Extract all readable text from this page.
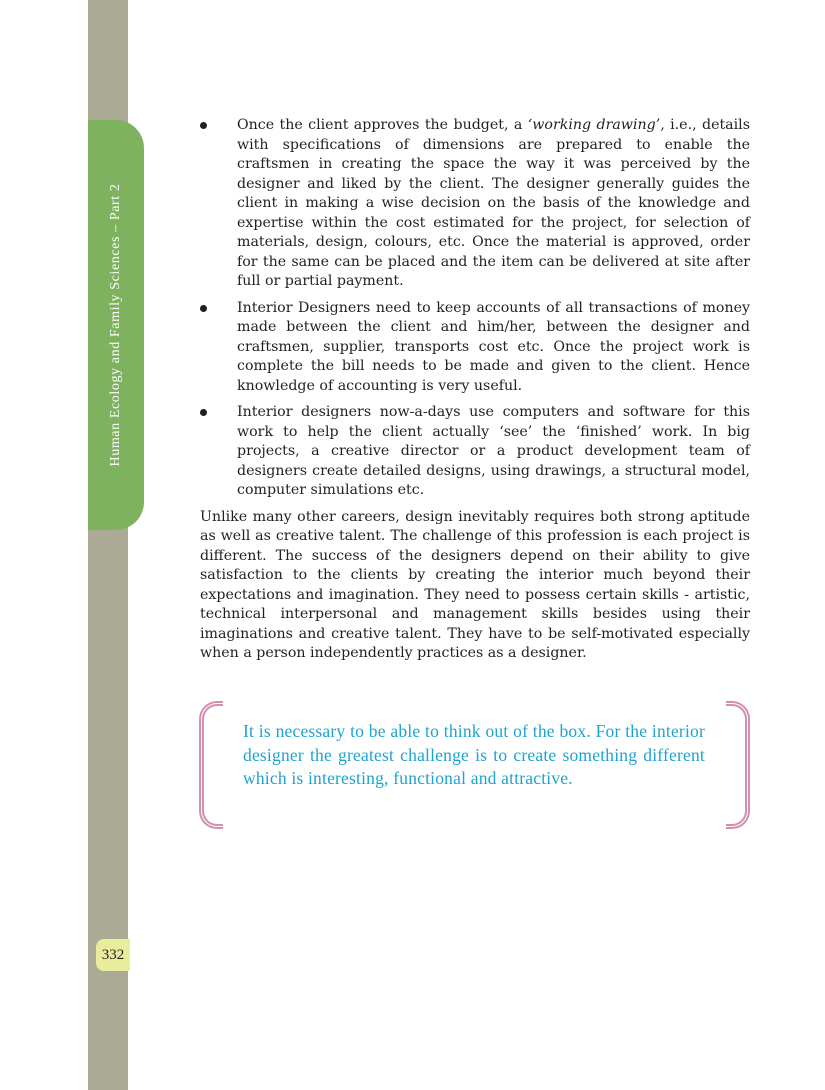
Human Ecology and Family Sciences – Part 2
332
Once the client approves the budget, a ‘working drawing’, i.e., details with specifications of dimensions are prepared to enable the craftsmen in creating the space the way it was perceived by the designer and liked by the client. The designer generally guides the client in making a wise decision on the basis of the knowledge and expertise within the cost estimated for the project, for selection of materials, design, colours, etc. Once the material is approved, order for the same can be placed and the item can be delivered at site after full or partial payment.
Interior Designers need to keep accounts of all transactions of money made between the client and him/her, between the designer and craftsmen, supplier, transports cost etc. Once the project work is complete the bill needs to be made and given to the client. Hence knowledge of accounting is very useful.
Interior designers now-a-days use computers and software for this work to help the client actually ‘see’ the ‘finished’ work. In big projects, a creative director or a product development team of designers create detailed designs, using drawings, a structural model, computer simulations etc.

Unlike many other careers, design inevitably requires both strong aptitude as well as creative talent. The challenge of this profession is each project is different. The success of the designers depend on their ability to give satisfaction to the clients by creating the interior much beyond their expectations and imagination. They need to possess certain skills - artistic, technical interpersonal and management skills besides using their imaginations and creative talent. They have to be self-motivated especially when a person independently practices as a designer.

It is necessary to be able to think out of the box. For the interior designer the greatest challenge is to create something different which is interesting, functional and attractive.
